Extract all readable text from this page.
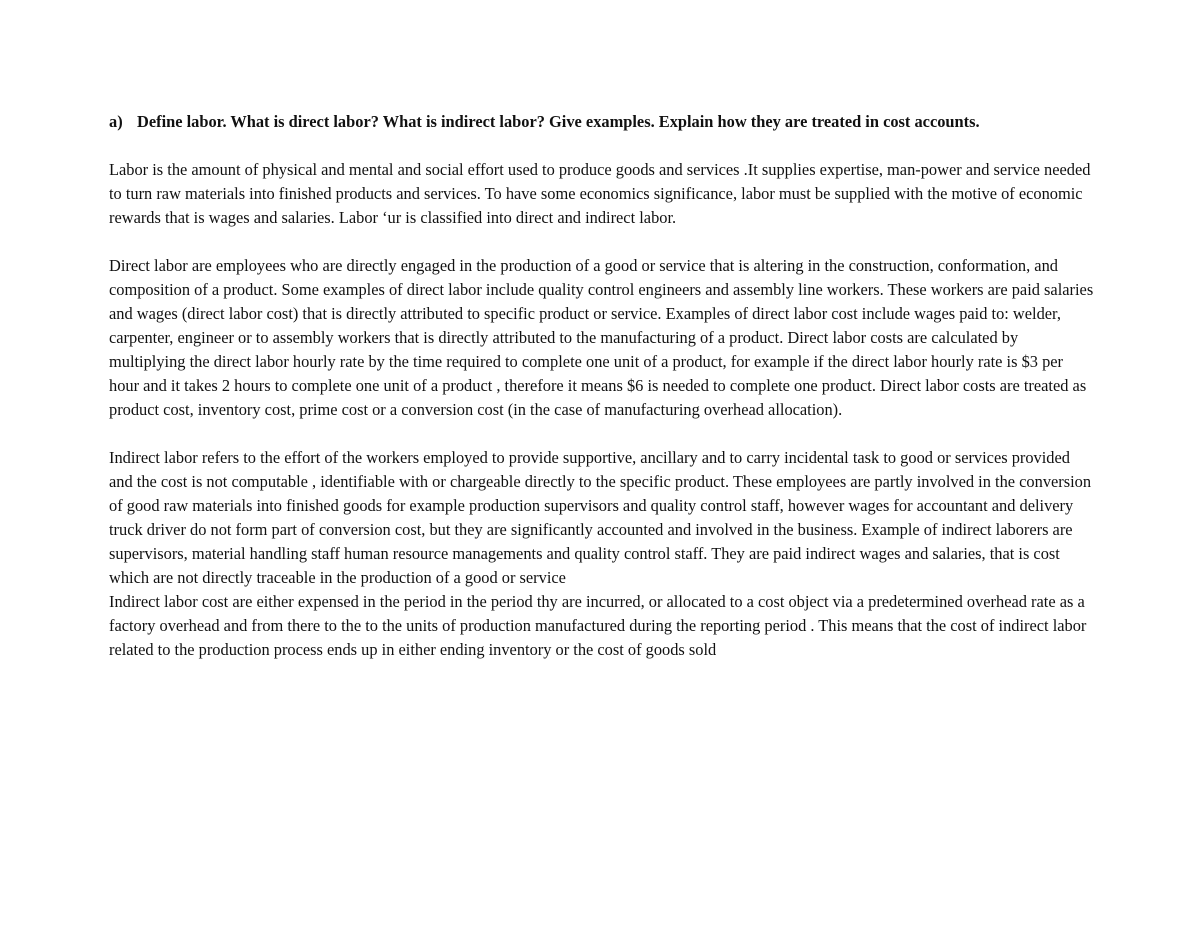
a) Define labor. What is direct labor? What is indirect labor? Give examples. Explain how they are treated in cost accounts.

Labor is the amount of physical and mental and social effort used to produce goods and services .It supplies expertise, man-power and service needed to turn raw materials into finished products and services. To have some economics significance, labor must be supplied with the motive of economic rewards that is wages and salaries. Labor ‘ur is classified into direct and indirect labor.

Direct labor are employees who are directly engaged in the production of a good or service that is altering in the construction, conformation, and composition of a product. Some examples of direct labor include quality control engineers and assembly line workers. These workers are paid salaries and wages (direct labor cost) that is directly attributed to specific product or service. Examples of direct labor cost include wages paid to: welder, carpenter, engineer or to assembly workers that is directly attributed to the manufacturing of a product. Direct labor costs are calculated by multiplying the direct labor hourly rate by the time required to complete one unit of a product, for example if the direct labor hourly rate is $3 per hour and it takes 2 hours to complete one unit of a product , therefore it means $6 is needed to complete one product. Direct labor costs are treated as product cost, inventory cost, prime cost or a conversion cost (in the case of manufacturing overhead allocation).

Indirect labor refers to the effort of the workers employed to provide supportive, ancillary and to carry incidental task to good or services provided and the cost is not computable , identifiable with or chargeable directly to the specific product. These employees are partly involved in the conversion of good raw materials into finished goods for example production supervisors and quality control staff, however wages for accountant and delivery truck driver do not form part of conversion cost, but they are significantly accounted and involved in the business. Example of indirect laborers are supervisors, material handling staff human resource managements and quality control staff. They are paid indirect wages and salaries, that is cost which are not directly traceable in the production of a good or service

Indirect labor cost are either expensed in the period in the period thy are incurred, or allocated to a cost object via a predetermined overhead rate as a factory overhead and from there to the to the units of production manufactured during the reporting period . This means that the cost of indirect labor related to the production process ends up in either ending inventory or the cost of goods sold
